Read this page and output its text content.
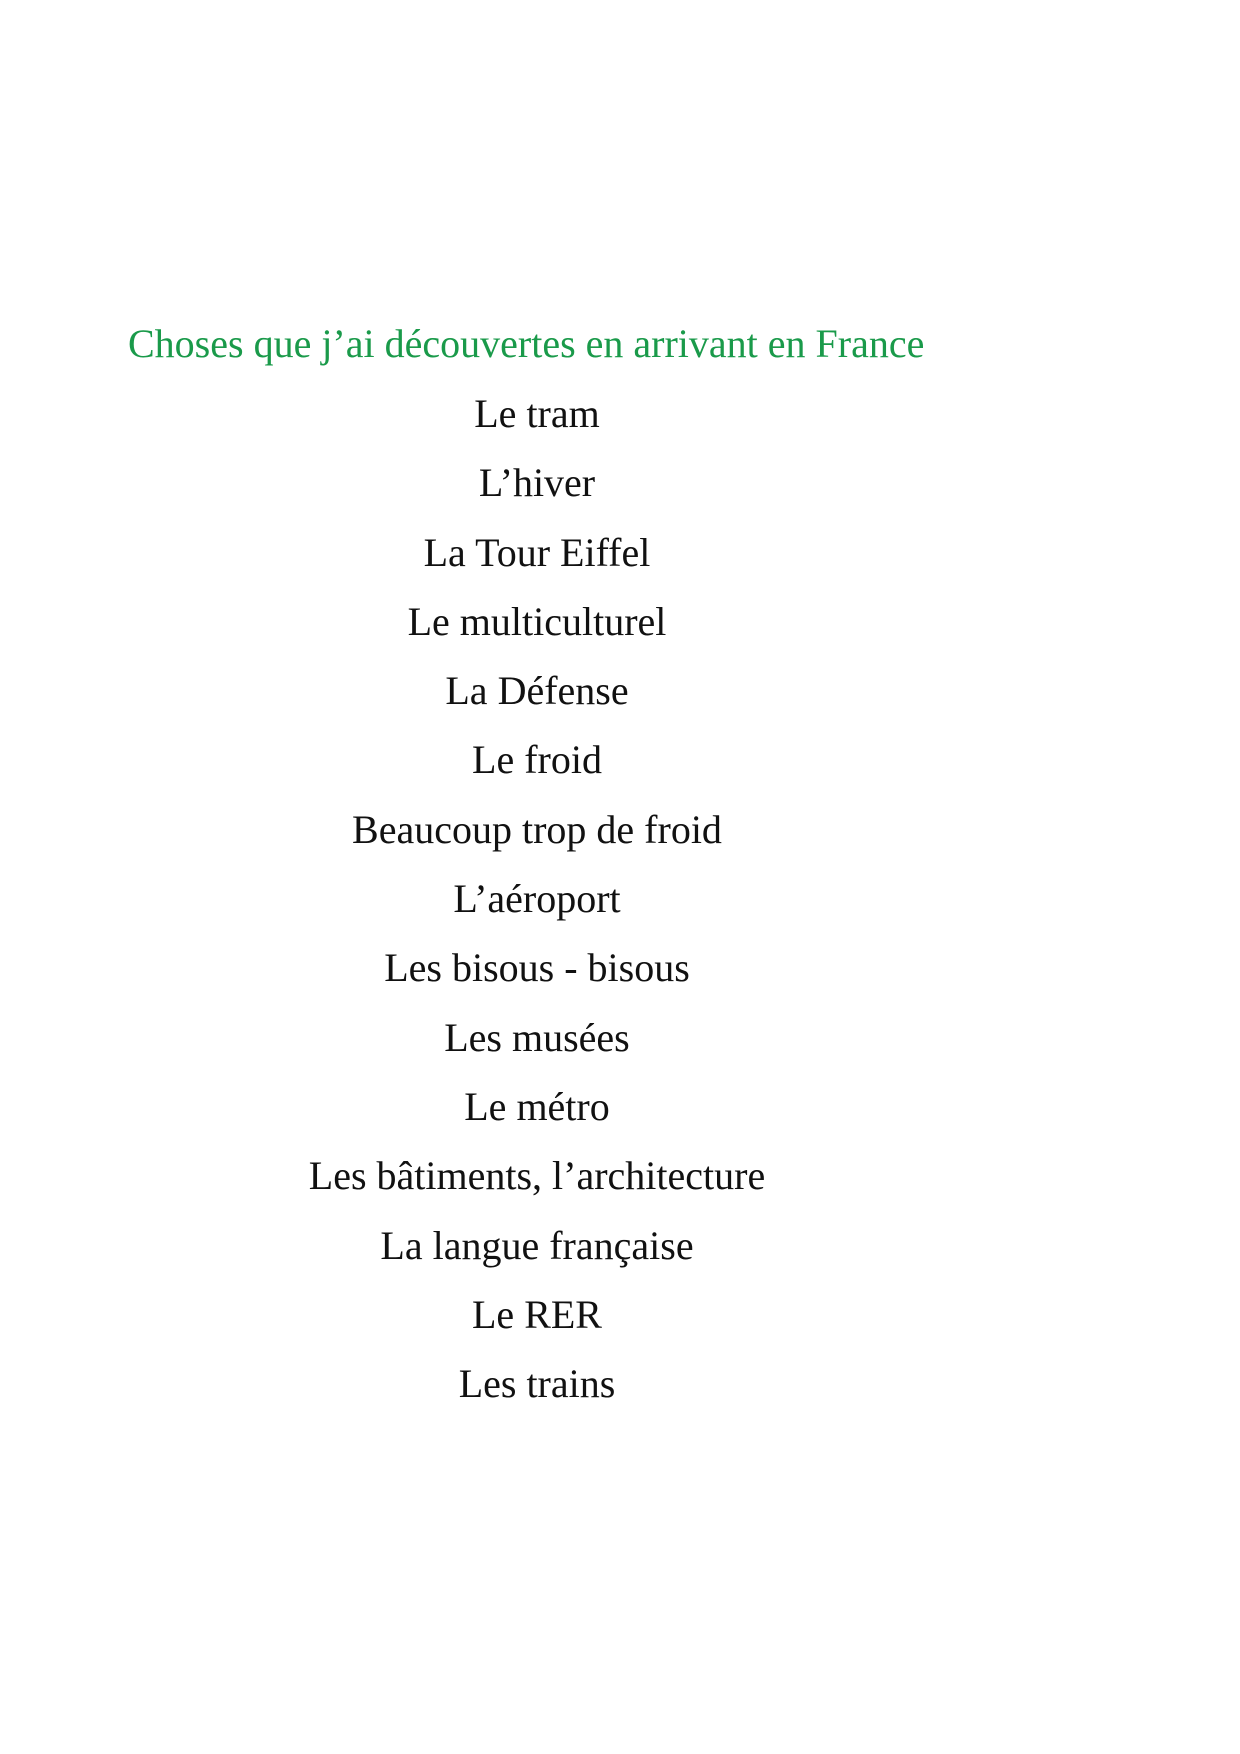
Choses que j’ai découvertes en arrivant en France
Le tram
L’hiver
La Tour Eiffel
Le multiculturel
La Défense
Le froid
Beaucoup trop de froid
L’aéroport
Les bisous - bisous
Les musées
Le métro
Les bâtiments, l’architecture
La langue française
Le RER
Les trains
